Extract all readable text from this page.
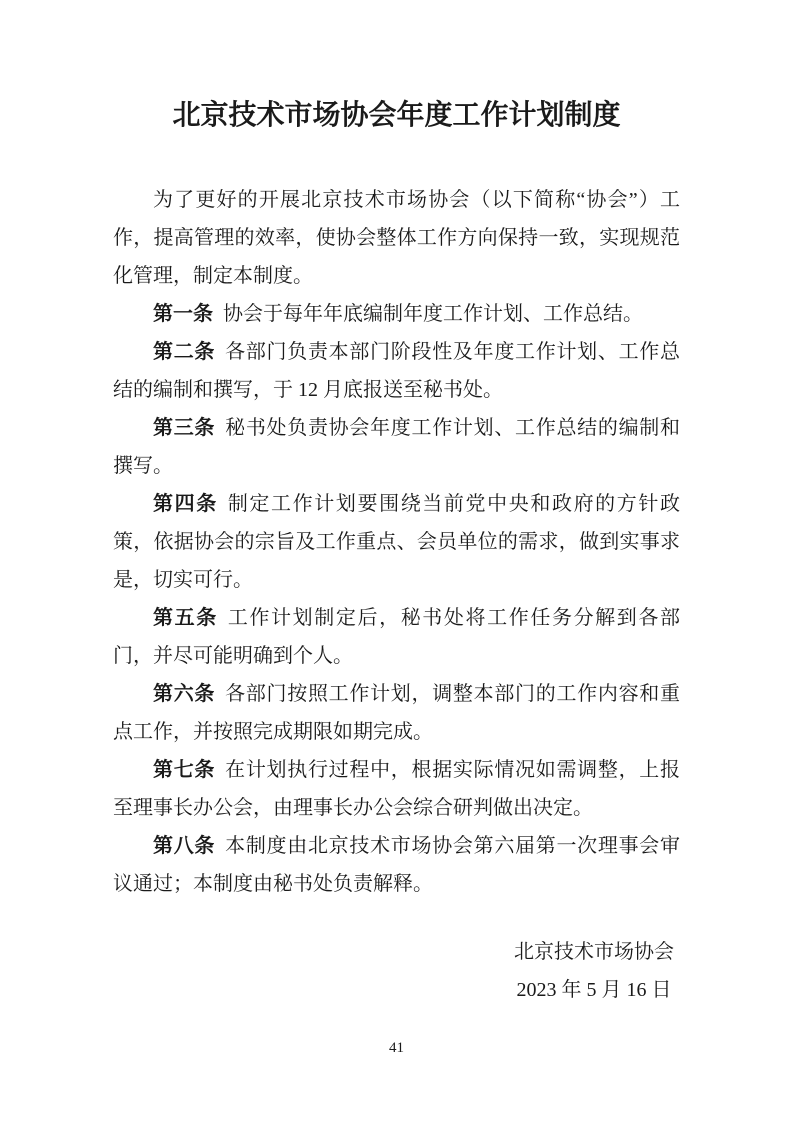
北京技术市场协会年度工作计划制度

为了更好的开展北京技术市场协会（以下简称“协会”）工作，提高管理的效率，使协会整体工作方向保持一致，实现规范化管理，制定本制度。

第一条 协会于每年年底编制年度工作计划、工作总结。

第二条 各部门负责本部门阶段性及年度工作计划、工作总结的编制和撰写，于 12 月底报送至秘书处。

第三条 秘书处负责协会年度工作计划、工作总结的编制和撰写。

第四条 制定工作计划要围绕当前党中央和政府的方针政策，依据协会的宗旨及工作重点、会员单位的需求，做到实事求是，切实可行。

第五条 工作计划制定后，秘书处将工作任务分解到各部门，并尽可能明确到个人。

第六条 各部门按照工作计划，调整本部门的工作内容和重点工作，并按照完成期限如期完成。

第七条 在计划执行过程中，根据实际情况如需调整，上报至理事长办公会，由理事长办公会综合研判做出决定。

第八条 本制度由北京技术市场协会第六届第一次理事会审议通过；本制度由秘书处负责解释。

北京技术市场协会
2023 年 5 月 16 日
41
